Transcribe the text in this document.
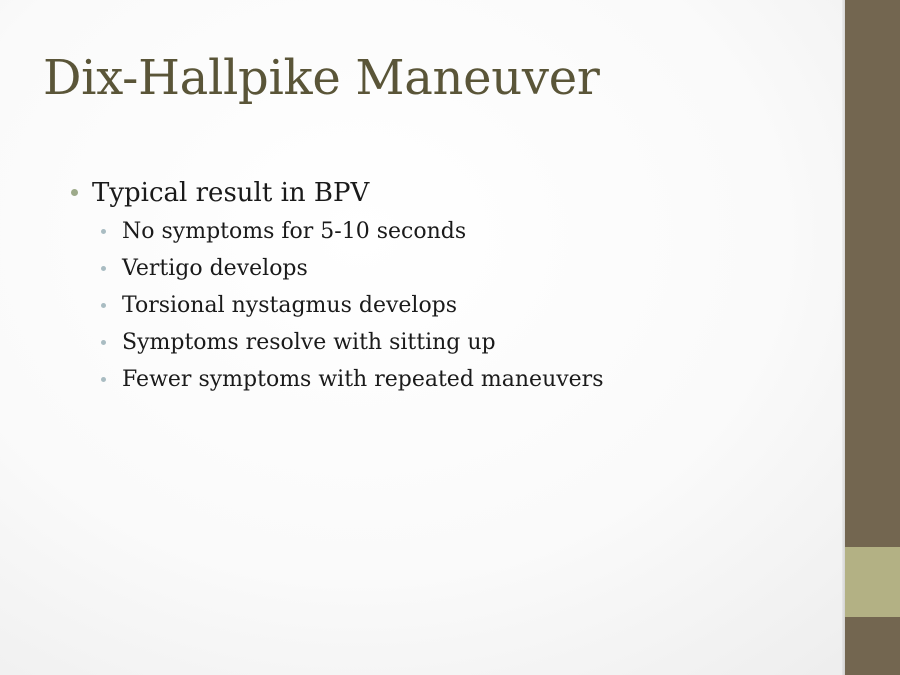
Dix-Hallpike Maneuver
Typical result in BPV
No symptoms for 5-10 seconds
Vertigo develops
Torsional nystagmus develops
Symptoms resolve with sitting up
Fewer symptoms with repeated maneuvers
